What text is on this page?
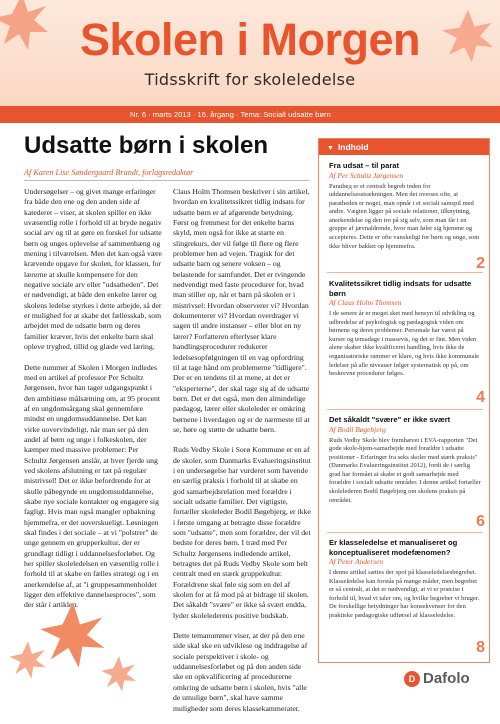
Skolen i Morgen
Tidsskrift for skoleledelse
Nr. 6 · marts 2013 · 16. årgang · Tema: Socialt udsatte børn
Udsatte børn i skolen
Af Karen Lise Søndergaard Brandt, forlagsredaktør

Undersøgelser – og givet mange erfaringer fra både den ene og den anden side af katederet – viser, at skolen spiller en ikke uvæsentlig rolle i forhold til at bryde negativ social arv og til at gøre en forskel for udsatte børn og unges oplevelse af sammenhæng og mening i tilværelsen. Men det kan også være krævende opgave for skolen, for klassen, for lærerne at skulle kompensere for den negative sociale arv eller "udsatheden". Det er nødvendigt, at både den enkelte lærer og skolens ledelse styrkes i dette arbejde, så der er mulighed for at skabe det fællesskab, som arbejdet med de udsatte børn og deres familier kræver, hvis det enkelte barn skal opleve tryghed, tillid og glæde ved læring.

Dette nummer af Skolen i Morgen indledes med en artikel af professor Per Schultz Jørgensen, hvor han tager udgangspunkt i den ambitiøse målsætning om, at 95 procent af en ungdomsårgang skal gennemføre mindst en ungdomsuddannelse. Det kan virke uovervindeligt, når man ser på den andel af børn og unge i folkeskolen, der kæmper med massive problemer: Per Schultz Jørgensen anslår, at hver fjerde ung ved skolens afslutning er tæt på regulær mistrivsel! Det er ikke befordrende for at skulle påbegynde en ungdomsuddannelse, skabe nye sociale kontakter og engagere sig fagligt. Hvis man også mangler opbakning hjemmefra, er det uoverskueligt. Løsningen skal findes i det sociale – at vi "polstrer" de unge gennem en grupperkultur, der er grundlagt tidligt i uddannelsesforløbet. Og her spiller skoleledelsen en væsentlig rolle i forhold til at skabe en fælles strategi og i en anerkendelse af, at "i gruppesammenholdet ligger den effektive dannelsesproces", som der står i artiklen.

Claus Holm Thomsen beskriver i sin artikel, hvordan en kvalitetssikret tidlig indsats for udsatte børn er af afgørende betydning. Først og fremmest for det enkelte barns skyld, men også for ikke at starte en slingrekurs, der vil følge til flere og flere problemer hen ad vejen. Tragisk for det udsatte barn og senere voksen – og belastende for samfundet. Det er tvingende nødvendigt med faste procedurer for, hvad man stiller op, når et barn på skolen er i mistrivsel: Hvordan observerer vi? Hvordan dokumenterer vi? Hvordan overdrager vi sagen til andre instanser – eller blot en ny lærer? Forfatteren efterlyser klare handlingsprocedurer redukerer ledelsesopfølgningen til en vag opfordring til at tage hånd om problemerne "tidligere". Der er en tendens til at mene, at det er "eksperterne", der skal tage sig af de udsatte børn. Det er det også, men den almindelige pædagog, lærer eller skoleleder er omkring børnene i hverdagen og er de nærmeste til at se, høre og støtte de udsatte børn.

Ruds Vedby Skole i Sorø Kommune er en af de skoler, som Danmarks Evalueringsinstitut i en undersøgelse har vurderet som havende en særlig praksis i forhold til at skabe en god samarbejdsrelation med forældre i socialt udsatte familier. Det vigtigste, fortæller skoleleder Bodil Bøgebjerg, er ikke i første omgang at betragte disse forældre som "udsatte", men som forældre, der vil det bedste for deres børn. I træd med Per Schultz Jørgensens indledende artikel, betragtes det på Ruds Vedby Skole som helt centralt med en stærk gruppekultur. Forældrene skal føle sig som en del af skolen for at få mod på at bidrage til skolen. Det såkaldt "svære" er ikke så svært endda, lyder skolelederens positive budskab.

Dette temanummer viser, at der på den ene side skal ske en udviklese og inddragelse af sociale perspektiver i skole- og uddannelsesforløbet og på den anden side ske en opkvalificering af procedurerne omkring de udsatte børn i skolen, hvis "alle de umulige børn", skal have samme muligheder som deres klassekammerater.

▼ Indhold
Fra udsat – til parat
Af Per Schultz Jørgensen
Paratheд er et centralt begreb inden for uddannelsesstrækningen. Men det overses ofte, at paratheden er noget, man opnår i et socialt samspil med andre. Vægten ligger på sociale relationer, tilknytning, anerkendelse og den tro på sig selv, som man får i en gruppe af jævnaldrende, hvor man føler sig hjemme og accepteres. Dette er ofte vanskeligt for børn og unge, som ikke bliver bakket op hjemmefra.
2
Kvalitetssikret tidlig indsats for udsatte børn
Af Claus Holm Thomsen
I de senere år er meget sket med hensyn til udvikling og udbredelse af psykologisk og pædagogisk viden om børnene og deres problemer. Personale har været på kurser og temadage i massevis, og det er fint. Men viden alene skaber ikke kvalificeret handling, hvis ikke de organisatoriske rammer er klare, og hvis ikke kommunale ledelser på alle niveauer følger systematisk op på, om beskrevne procedurer følges.
4
Det såkaldt "svære" er ikke svært
Af Bodil Bøgebjerg
Ruds Vedby Skole blev fremhævet i EVA-rapporten "Det gode skole-hjem-samarbejde med forældre i udsatte positioner - Erfaringer fra seks skoler med stærk praksis" (Danmarks Evalueringsinstitut 2012), fordi de i særlig grad har formået at skabe et godt samarbejde med forældre i socialt udsatte områder. I denne artikel fortæller skolelederen Bodil Bøgebjerg om skolens praksis på området.
6
Er klasseledelse et manualiseret og konceptualiseret modefænomen?
Af Peter Andersen
I denne artikel sættes der spot på klasseledelsesbegrebet. Klasseledelse kan forstås på mange måder, men begrebet er så centralt, at det er nødvendigt, at vi er præcise i forhold til, hvad vi taler om, og hvilke begreber vi bruger. De forskellige betydninger har konsekvenser for den praktiske pædagogiske udførsel af klasseledelse.
8
D Dafolo
